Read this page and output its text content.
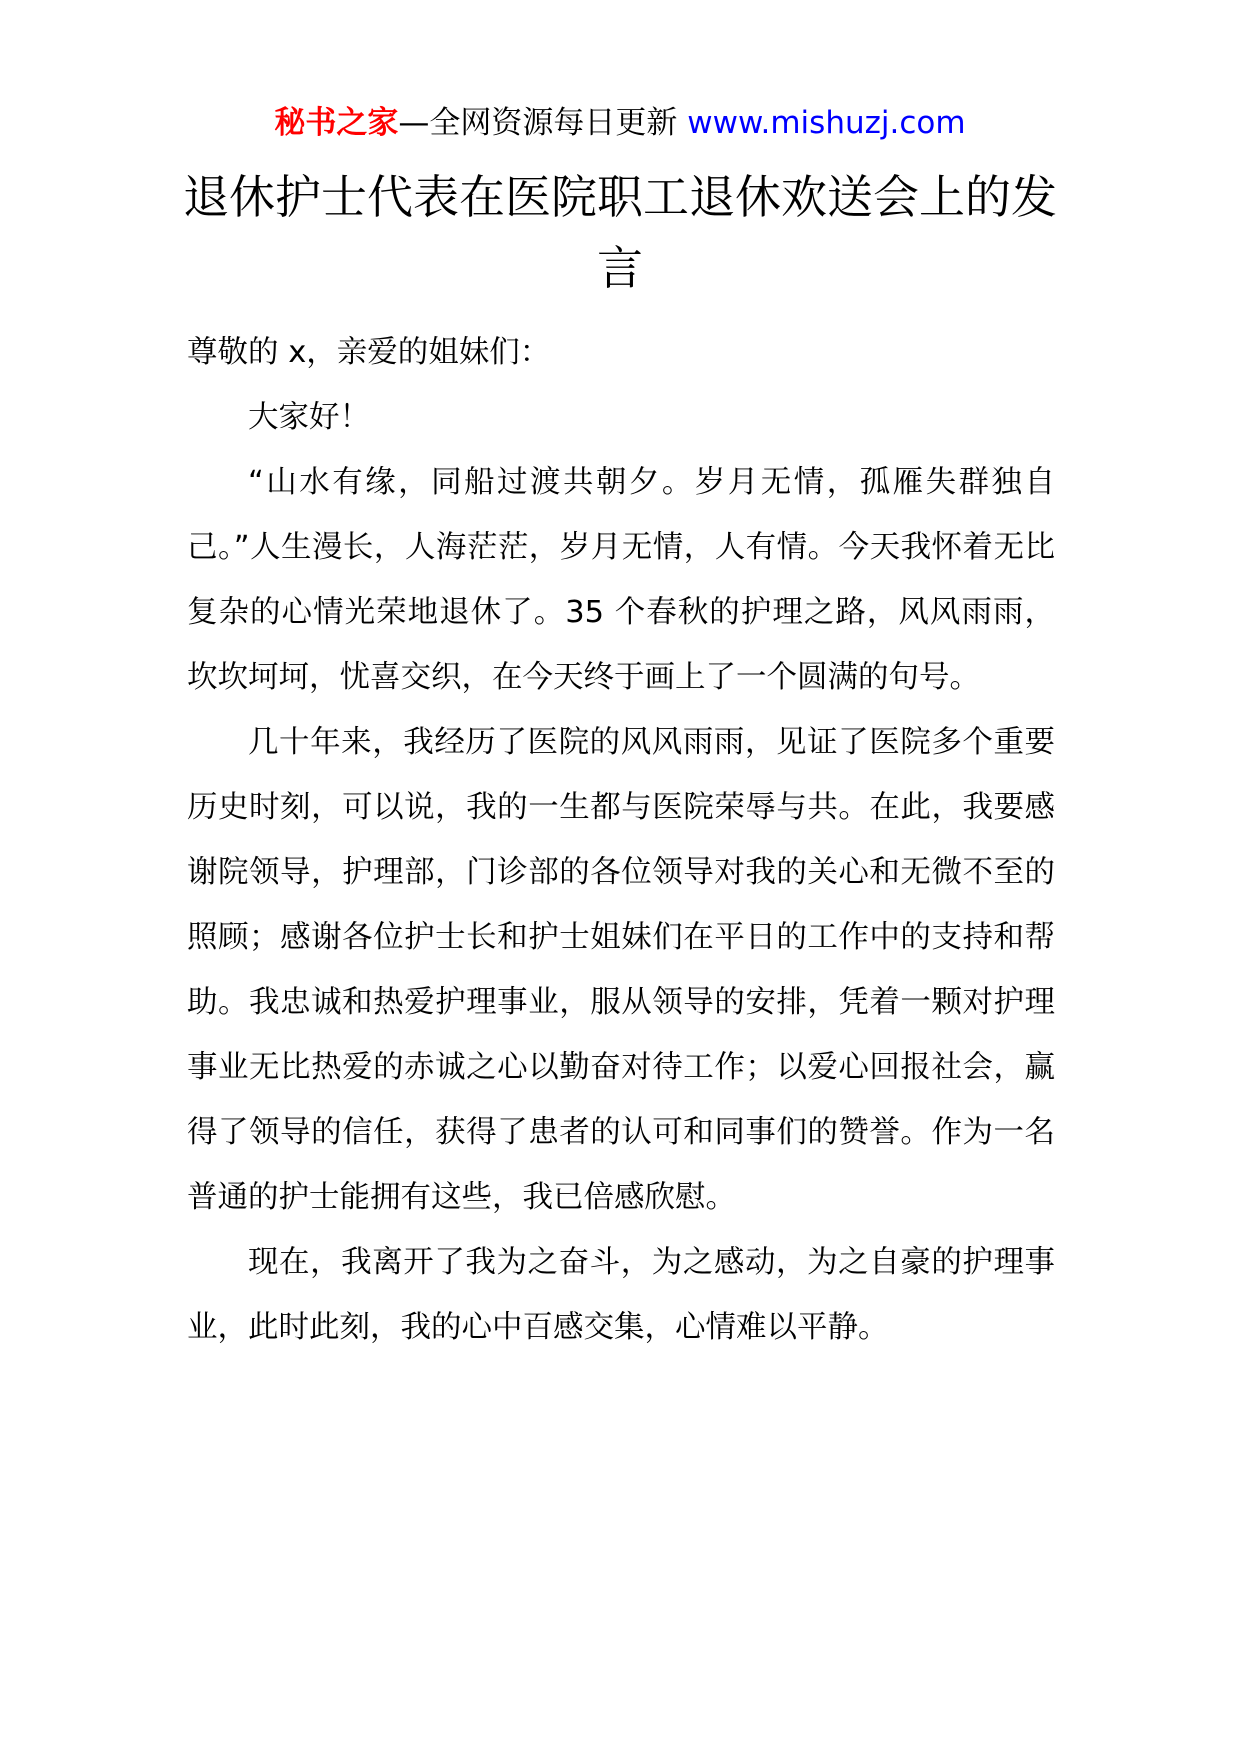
秘书之家—全网资源每日更新 www.mishuzj.com
退休护士代表在医院职工退休欢送会上的发言

尊敬的 x，亲爱的姐妹们：

大家好！

“山水有缘，同船过渡共朝夕。岁月无情，孤雁失群独自己。”人生漫长，人海茫茫，岁月无情，人有情。今天我怀着无比复杂的心情光荣地退休了。35 个春秋的护理之路，风风雨雨，坎坎坷坷，忧喜交织，在今天终于画上了一个圆满的句号。

几十年来，我经历了医院的风风雨雨，见证了医院多个重要历史时刻，可以说，我的一生都与医院荣辱与共。在此，我要感谢院领导，护理部，门诊部的各位领导对我的关心和无微不至的照顾；感谢各位护士长和护士姐妹们在平日的工作中的支持和帮助。我忠诚和热爱护理事业，服从领导的安排，凭着一颗对护理事业无比热爱的赤诚之心以勤奋对待工作；以爱心回报社会，赢得了领导的信任，获得了患者的认可和同事们的赞誉。作为一名普通的护士能拥有这些，我已倍感欣慰。

现在，我离开了我为之奋斗，为之感动，为之自豪的护理事业，此时此刻，我的心中百感交集，心情难以平静。
